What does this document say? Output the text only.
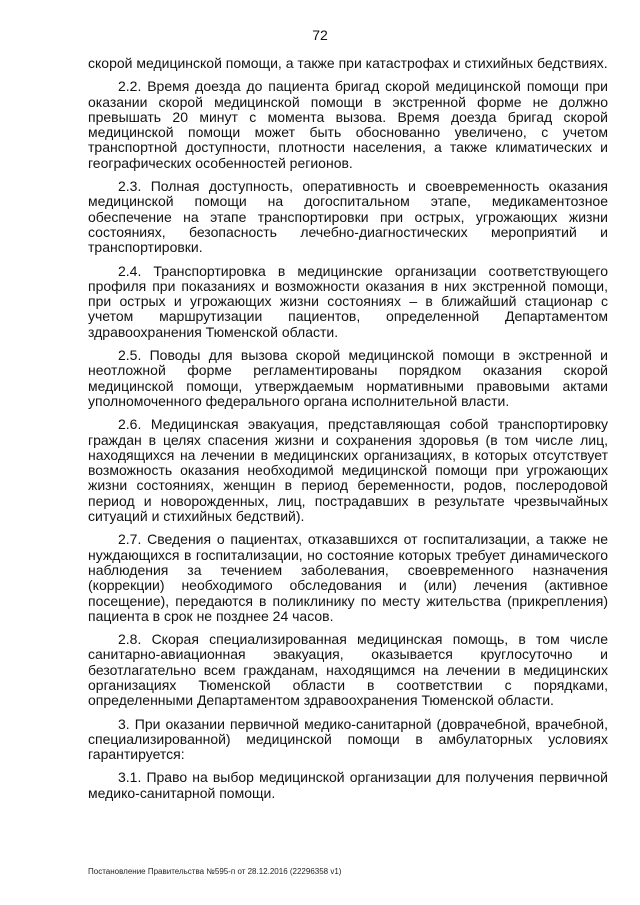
72

скорой медицинской помощи, а также при катастрофах и стихийных бедствиях.

2.2. Время доезда до пациента бригад скорой медицинской помощи при оказании скорой медицинской помощи в экстренной форме не должно превышать 20 минут с момента вызова. Время доезда бригад скорой медицинской помощи может быть обоснованно увеличено, с учетом транспортной доступности, плотности населения, а также климатических и географических особенностей регионов.

2.3. Полная доступность, оперативность и своевременность оказания медицинской помощи на догоспитальном этапе, медикаментозное обеспечение на этапе транспортировки при острых, угрожающих жизни состояниях, безопасность лечебно-диагностических мероприятий и транспортировки.

2.4. Транспортировка в медицинские организации соответствующего профиля при показаниях и возможности оказания в них экстренной помощи, при острых и угрожающих жизни состояниях – в ближайший стационар с учетом маршрутизации пациентов, определенной Департаментом здравоохранения Тюменской области.

2.5. Поводы для вызова скорой медицинской помощи в экстренной и неотложной форме регламентированы порядком оказания скорой медицинской помощи, утверждаемым нормативными правовыми актами уполномоченного федерального органа исполнительной власти.

2.6. Медицинская эвакуация, представляющая собой транспортировку граждан в целях спасения жизни и сохранения здоровья (в том числе лиц, находящихся на лечении в медицинских организациях, в которых отсутствует возможность оказания необходимой медицинской помощи при угрожающих жизни состояниях, женщин в период беременности, родов, послеродовой период и новорожденных, лиц, пострадавших в результате чрезвычайных ситуаций и стихийных бедствий).

2.7. Сведения о пациентах, отказавшихся от госпитализации, а также не нуждающихся в госпитализации, но состояние которых требует динамического наблюдения за течением заболевания, своевременного назначения (коррекции) необходимого обследования и (или) лечения (активное посещение), передаются в поликлинику по месту жительства (прикрепления) пациента в срок не позднее 24 часов.

2.8. Скорая специализированная медицинская помощь, в том числе санитарно-авиационная эвакуация, оказывается круглосуточно и безотлагательно всем гражданам, находящимся на лечении в медицинских организациях Тюменской области в соответствии с порядками, определенными Департаментом здравоохранения Тюменской области.

3. При оказании первичной медико-санитарной (доврачебной, врачебной, специализированной) медицинской помощи в амбулаторных условиях гарантируется:

3.1. Право на выбор медицинской организации для получения первичной медико-санитарной помощи.

Постановление Правительства №595-п от 28.12.2016 (22296358 v1)
